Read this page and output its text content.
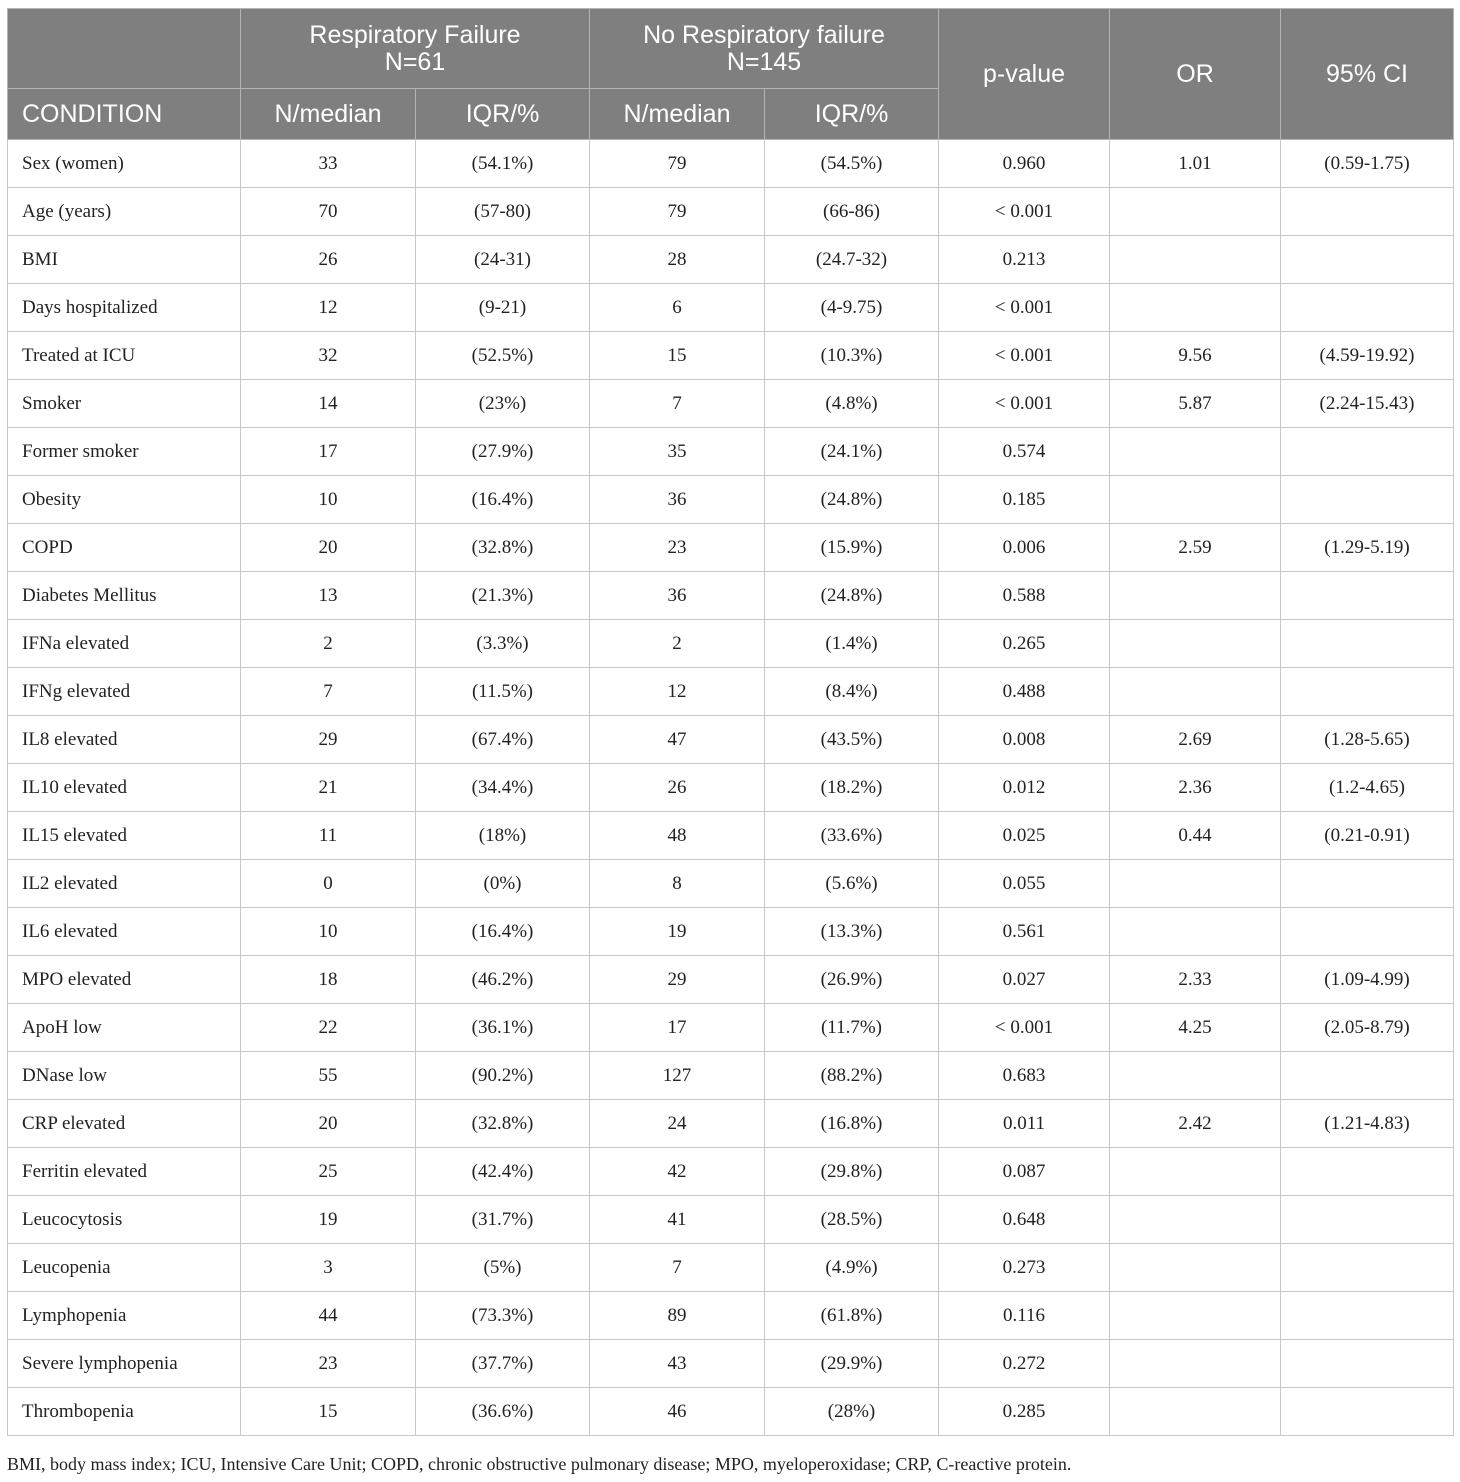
	Respiratory Failure
N=61		No Respiratory failure
N=145		p-value	OR	95% CI
CONDITION	N/median	IQR/%	N/median	IQR/%			
Sex (women)	33	(54.1%)	79	(54.5%)	0.960	1.01	(0.59-1.75)
Age (years)	70	(57-80)	79	(66-86)	< 0.001		
BMI	26	(24-31)	28	(24.7-32)	0.213		
Days hospitalized	12	(9-21)	6	(4-9.75)	< 0.001		
Treated at ICU	32	(52.5%)	15	(10.3%)	< 0.001	9.56	(4.59-19.92)
Smoker	14	(23%)	7	(4.8%)	< 0.001	5.87	(2.24-15.43)
Former smoker	17	(27.9%)	35	(24.1%)	0.574		
Obesity	10	(16.4%)	36	(24.8%)	0.185		
COPD	20	(32.8%)	23	(15.9%)	0.006	2.59	(1.29-5.19)
Diabetes Mellitus	13	(21.3%)	36	(24.8%)	0.588		
IFNa elevated	2	(3.3%)	2	(1.4%)	0.265		
IFNg elevated	7	(11.5%)	12	(8.4%)	0.488		
IL8 elevated	29	(67.4%)	47	(43.5%)	0.008	2.69	(1.28-5.65)
IL10 elevated	21	(34.4%)	26	(18.2%)	0.012	2.36	(1.2-4.65)
IL15 elevated	11	(18%)	48	(33.6%)	0.025	0.44	(0.21-0.91)
IL2 elevated	0	(0%)	8	(5.6%)	0.055		
IL6 elevated	10	(16.4%)	19	(13.3%)	0.561		
MPO elevated	18	(46.2%)	29	(26.9%)	0.027	2.33	(1.09-4.99)
ApoH low	22	(36.1%)	17	(11.7%)	< 0.001	4.25	(2.05-8.79)
DNase low	55	(90.2%)	127	(88.2%)	0.683		
CRP elevated	20	(32.8%)	24	(16.8%)	0.011	2.42	(1.21-4.83)
Ferritin elevated	25	(42.4%)	42	(29.8%)	0.087		
Leucocytosis	19	(31.7%)	41	(28.5%)	0.648		
Leucopenia	3	(5%)	7	(4.9%)	0.273		
Lymphopenia	44	(73.3%)	89	(61.8%)	0.116		
Severe lymphopenia	23	(37.7%)	43	(29.9%)	0.272		
Thrombopenia	15	(36.6%)	46	(28%)	0.285		
BMI, body mass index; ICU, Intensive Care Unit; COPD, chronic obstructive pulmonary disease; MPO, myeloperoxidase; CRP, C-reactive protein.
